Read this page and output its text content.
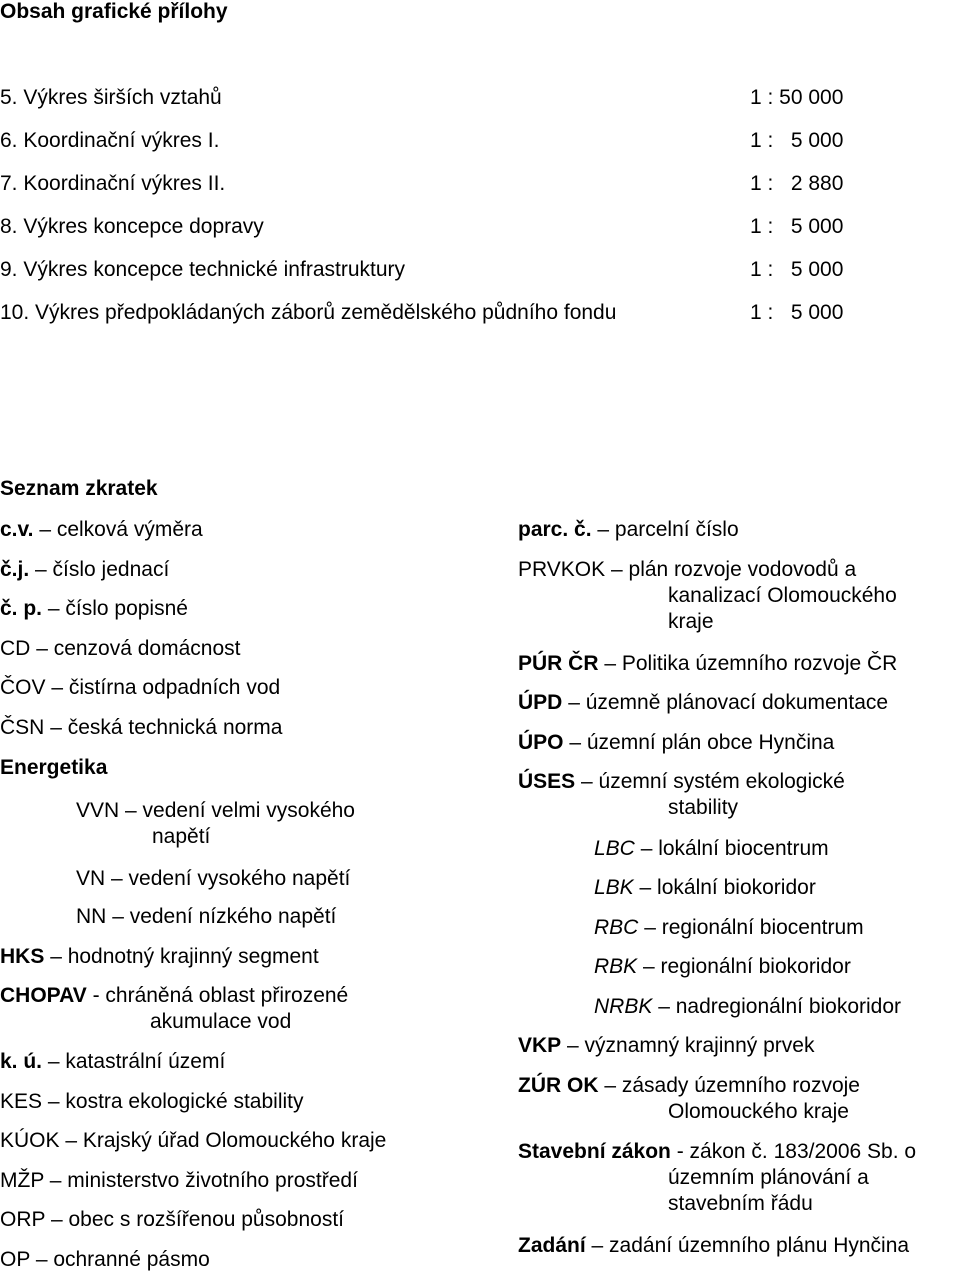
Obsah grafické přílohy
5. Výkres širších vztahů	1 : 50 000
6. Koordinační výkres I.	1 :   5 000
7. Koordinační výkres II.	1 :   2 880
8. Výkres koncepce dopravy	1 :   5 000
9. Výkres koncepce technické infrastruktury	1 :   5 000
10. Výkres předpokládaných záborů zemědělského půdního fondu	1 :   5 000
Seznam zkratek
c.v. – celková výměra
č.j. – číslo jednací
č. p. – číslo popisné
CD – cenzová domácnost
ČOV – čistírna odpadních vod
ČSN – česká technická norma
Energetika
VVN – vedení velmi vysokého
napětí
VN – vedení vysokého napětí
NN – vedení nízkého napětí
HKS – hodnotný krajinný segment
CHOPAV - chráněná oblast přirozené
akumulace vod
k. ú. – katastrální území
KES – kostra ekologické stability
KÚOK – Krajský úřad Olomouckého kraje
MŽP – ministerstvo životního prostředí
ORP – obec s rozšířenou působností
OP – ochranné pásmo
parc. č. – parcelní číslo
PRVKOK – plán rozvoje vodovodů a
kanalizací Olomouckého
kraje
PÚR ČR – Politika územního rozvoje ČR
ÚPD – územně plánovací dokumentace
ÚPO – územní plán obce Hynčina
ÚSES – územní systém ekologické
stability
LBC – lokální biocentrum
LBK – lokální biokoridor
RBC – regionální biocentrum
RBK – regionální biokoridor
NRBK – nadregionální biokoridor
VKP – významný krajinný prvek
ZÚR OK – zásady územního rozvoje
Olomouckého kraje
Stavební zákon - zákon č. 183/2006 Sb. o
územním plánování a
stavebním řádu
Zadání – zadání územního plánu Hynčina
